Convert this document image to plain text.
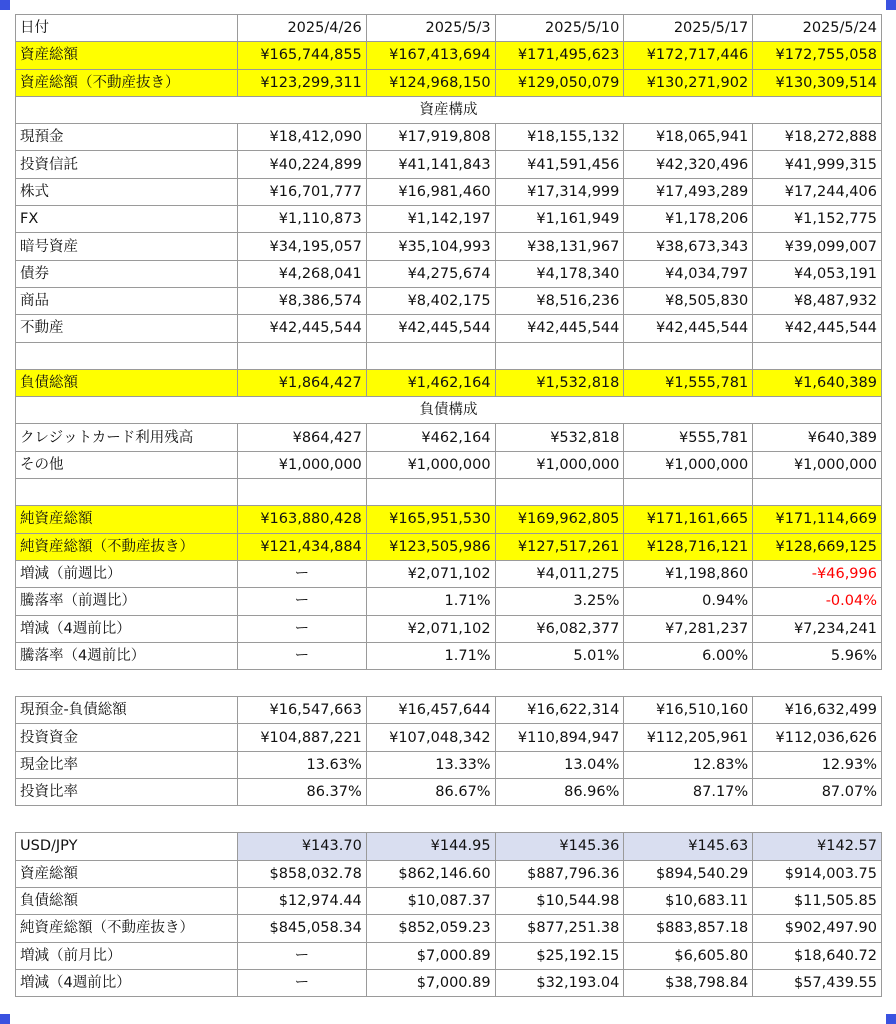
日付	2025/4/26	2025/5/3	2025/5/10	2025/5/17	2025/5/24
資産総額	¥165,744,855	¥167,413,694	¥171,495,623	¥172,717,446	¥172,755,058
資産総額（不動産抜き）	¥123,299,311	¥124,968,150	¥129,050,079	¥130,271,902	¥130,309,514
資産構成					
現預金	¥18,412,090	¥17,919,808	¥18,155,132	¥18,065,941	¥18,272,888
投資信託	¥40,224,899	¥41,141,843	¥41,591,456	¥42,320,496	¥41,999,315
株式	¥16,701,777	¥16,981,460	¥17,314,999	¥17,493,289	¥17,244,406
FX	¥1,110,873	¥1,142,197	¥1,161,949	¥1,178,206	¥1,152,775
暗号資産	¥34,195,057	¥35,104,993	¥38,131,967	¥38,673,343	¥39,099,007
債券	¥4,268,041	¥4,275,674	¥4,178,340	¥4,034,797	¥4,053,191
商品	¥8,386,574	¥8,402,175	¥8,516,236	¥8,505,830	¥8,487,932
不動産	¥42,445,544	¥42,445,544	¥42,445,544	¥42,445,544	¥42,445,544

負債総額	¥1,864,427	¥1,462,164	¥1,532,818	¥1,555,781	¥1,640,389
負債構成					
クレジットカード利用残高	¥864,427	¥462,164	¥532,818	¥555,781	¥640,389
その他	¥1,000,000	¥1,000,000	¥1,000,000	¥1,000,000	¥1,000,000

純資産総額	¥163,880,428	¥165,951,530	¥169,962,805	¥171,161,665	¥171,114,669
純資産総額（不動産抜き）	¥121,434,884	¥123,505,986	¥127,517,261	¥128,716,121	¥128,669,125
増減（前週比）	ー	¥2,071,102	¥4,011,275	¥1,198,860	-¥46,996
騰落率（前週比）	ー	1.71%	3.25%	0.94%	-0.04%
増減（4週前比）	ー	¥2,071,102	¥6,082,377	¥7,281,237	¥7,234,241
騰落率（4週前比）	ー	1.71%	5.01%	6.00%	5.96%
現預金-負債総額	¥16,547,663	¥16,457,644	¥16,622,314	¥16,510,160	¥16,632,499
投資資金	¥104,887,221	¥107,048,342	¥110,894,947	¥112,205,961	¥112,036,626
現金比率	13.63%	13.33%	13.04%	12.83%	12.93%
投資比率	86.37%	86.67%	86.96%	87.17%	87.07%
USD/JPY	¥143.70	¥144.95	¥145.36	¥145.63	¥142.57
資産総額	$858,032.78	$862,146.60	$887,796.36	$894,540.29	$914,003.75
負債総額	$12,974.44	$10,087.37	$10,544.98	$10,683.11	$11,505.85
純資産総額（不動産抜き）	$845,058.34	$852,059.23	$877,251.38	$883,857.18	$902,497.90
増減（前月比）	ー	$7,000.89	$25,192.15	$6,605.80	$18,640.72
増減（4週前比）	ー	$7,000.89	$32,193.04	$38,798.84	$57,439.55
